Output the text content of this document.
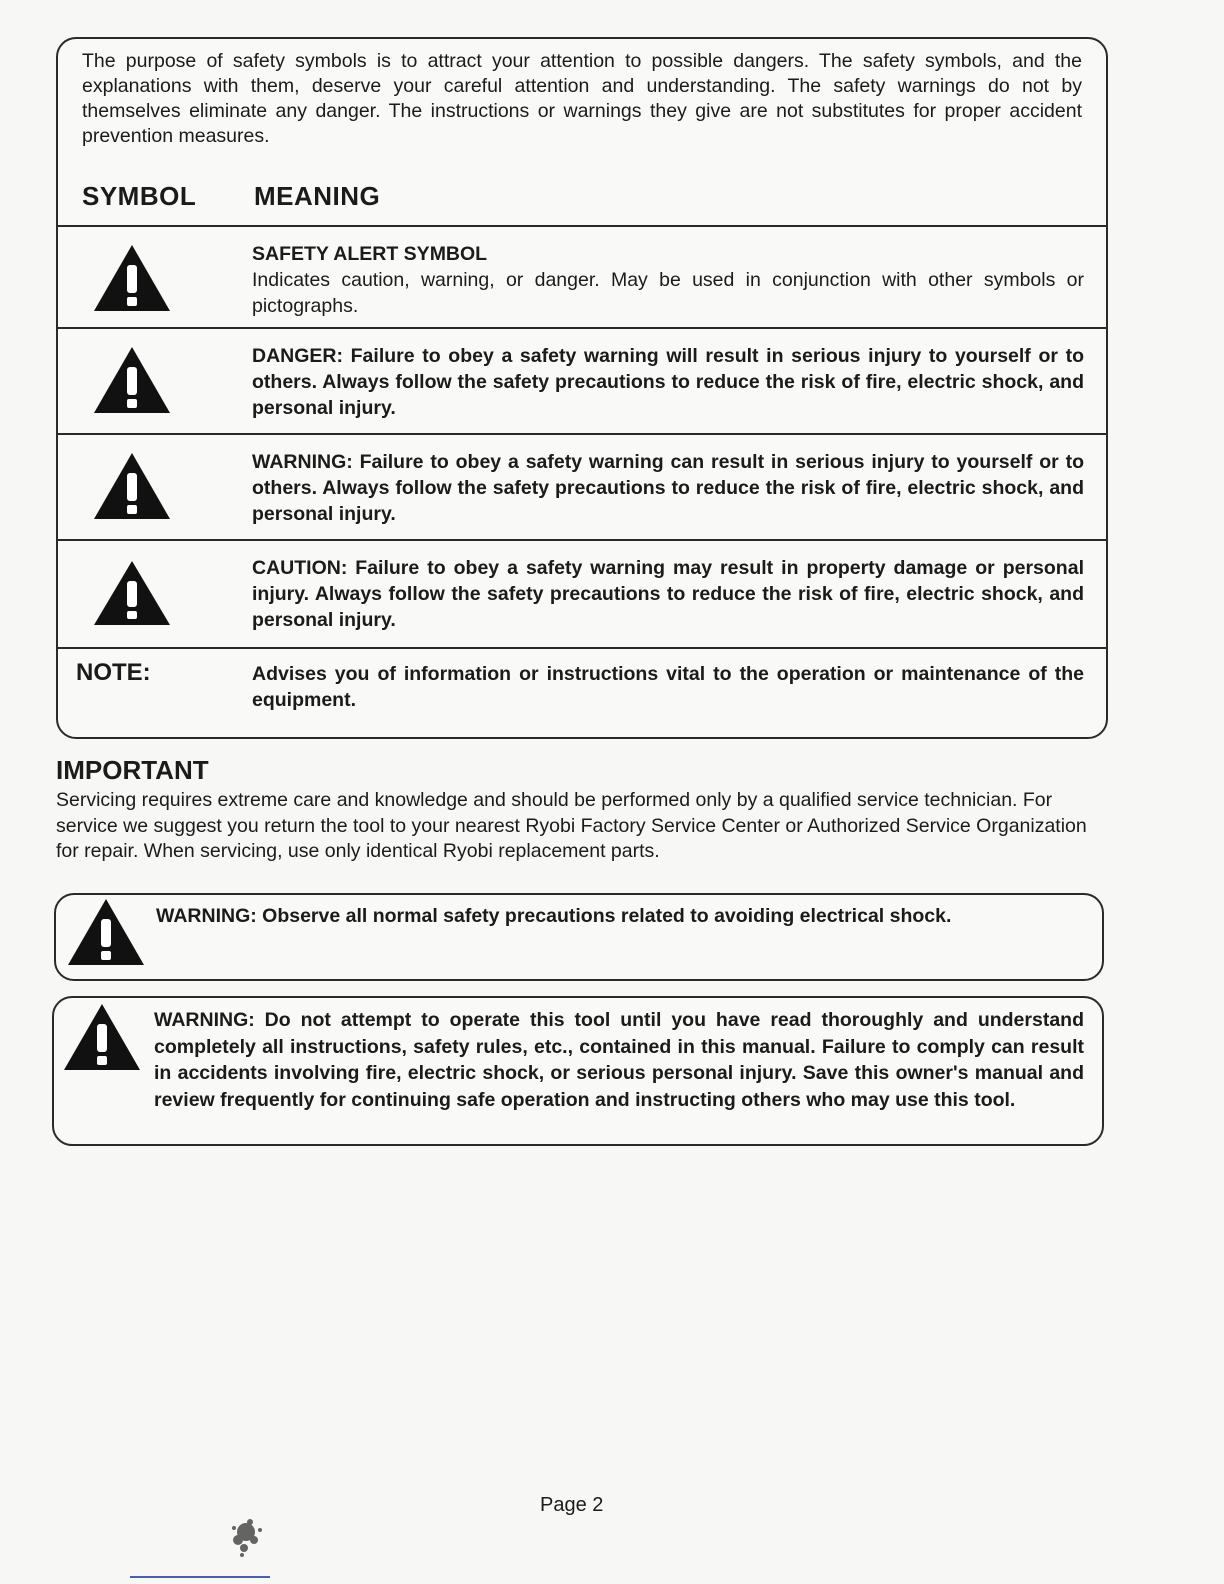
The purpose of safety symbols is to attract your attention to possible dangers. The safety symbols, and the explanations with them, deserve your careful attention and understanding. The safety warnings do not by themselves eliminate any danger. The instructions or warnings they give are not substitutes for proper accident prevention measures.
SYMBOL MEANING
SAFETY ALERT SYMBOL
Indicates caution, warning, or danger. May be used in conjunction with other symbols or pictographs.
DANGER: Failure to obey a safety warning will result in serious injury to yourself or to others. Always follow the safety precautions to reduce the risk of fire, electric shock, and personal injury.
WARNING: Failure to obey a safety warning can result in serious injury to yourself or to others. Always follow the safety precautions to reduce the risk of fire, electric shock, and personal injury.
CAUTION: Failure to obey a safety warning may result in property damage or personal injury. Always follow the safety precautions to reduce the risk of fire, electric shock, and personal injury.
NOTE:	Advises you of information or instructions vital to the operation or maintenance of the equipment.
IMPORTANT
Servicing requires extreme care and knowledge and should be performed only by a qualified service technician. For service we suggest you return the tool to your nearest Ryobi Factory Service Center or Authorized Service Organization for repair. When servicing, use only identical Ryobi replacement parts.
WARNING: Observe all normal safety precautions related to avoiding electrical shock.
WARNING: Do not attempt to operate this tool until you have read thoroughly and understand completely all instructions, safety rules, etc., contained in this manual. Failure to comply can result in accidents involving fire, electric shock, or serious personal injury. Save this owner's manual and review frequently for continuing safe operation and instructing others who may use this tool.
Page 2
